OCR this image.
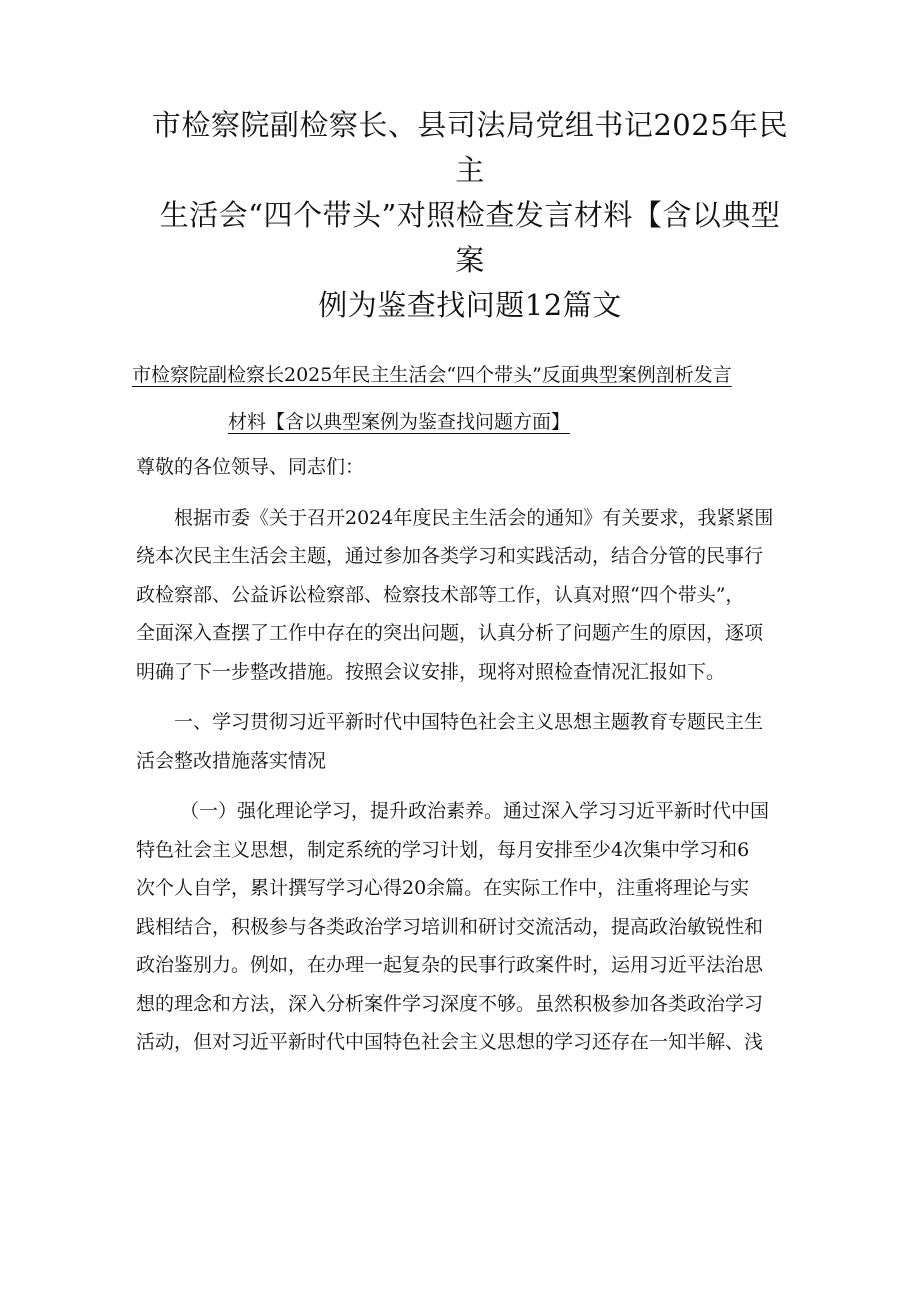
市检察院副检察长、县司法局党组书记2025年民主
生活会“四个带头”对照检查发言材料【含以典型案
例为鉴查找问题12篇文
市检察院副检察长2025年民主生活会“四个带头”反面典型案例剖析发言
材料【含以典型案例为鉴查找问题方面】
尊敬的各位领导、同志们：
根据市委《关于召开2024年度民主生活会的通知》有关要求，我紧紧围
绕本次民主生活会主题，通过参加各类学习和实践活动，结合分管的民事行
政检察部、公益诉讼检察部、检察技术部等工作，认真对照“四个带头”，
全面深入查摆了工作中存在的突出问题，认真分析了问题产生的原因，逐项
明确了下一步整改措施。按照会议安排，现将对照检查情况汇报如下。
一、学习贯彻习近平新时代中国特色社会主义思想主题教育专题民主生
活会整改措施落实情况
（一）强化理论学习，提升政治素养。通过深入学习习近平新时代中国
特色社会主义思想，制定系统的学习计划，每月安排至少4次集中学习和6
次个人自学，累计撰写学习心得20余篇。在实际工作中，注重将理论与实
践相结合，积极参与各类政治学习培训和研讨交流活动，提高政治敏锐性和
政治鉴别力。例如，在办理一起复杂的民事行政案件时，运用习近平法治思
想的理念和方法，深入分析案件学习深度不够。虽然积极参加各类政治学习
活动，但对习近平新时代中国特色社会主义思想的学习还存在一知半解、浅
